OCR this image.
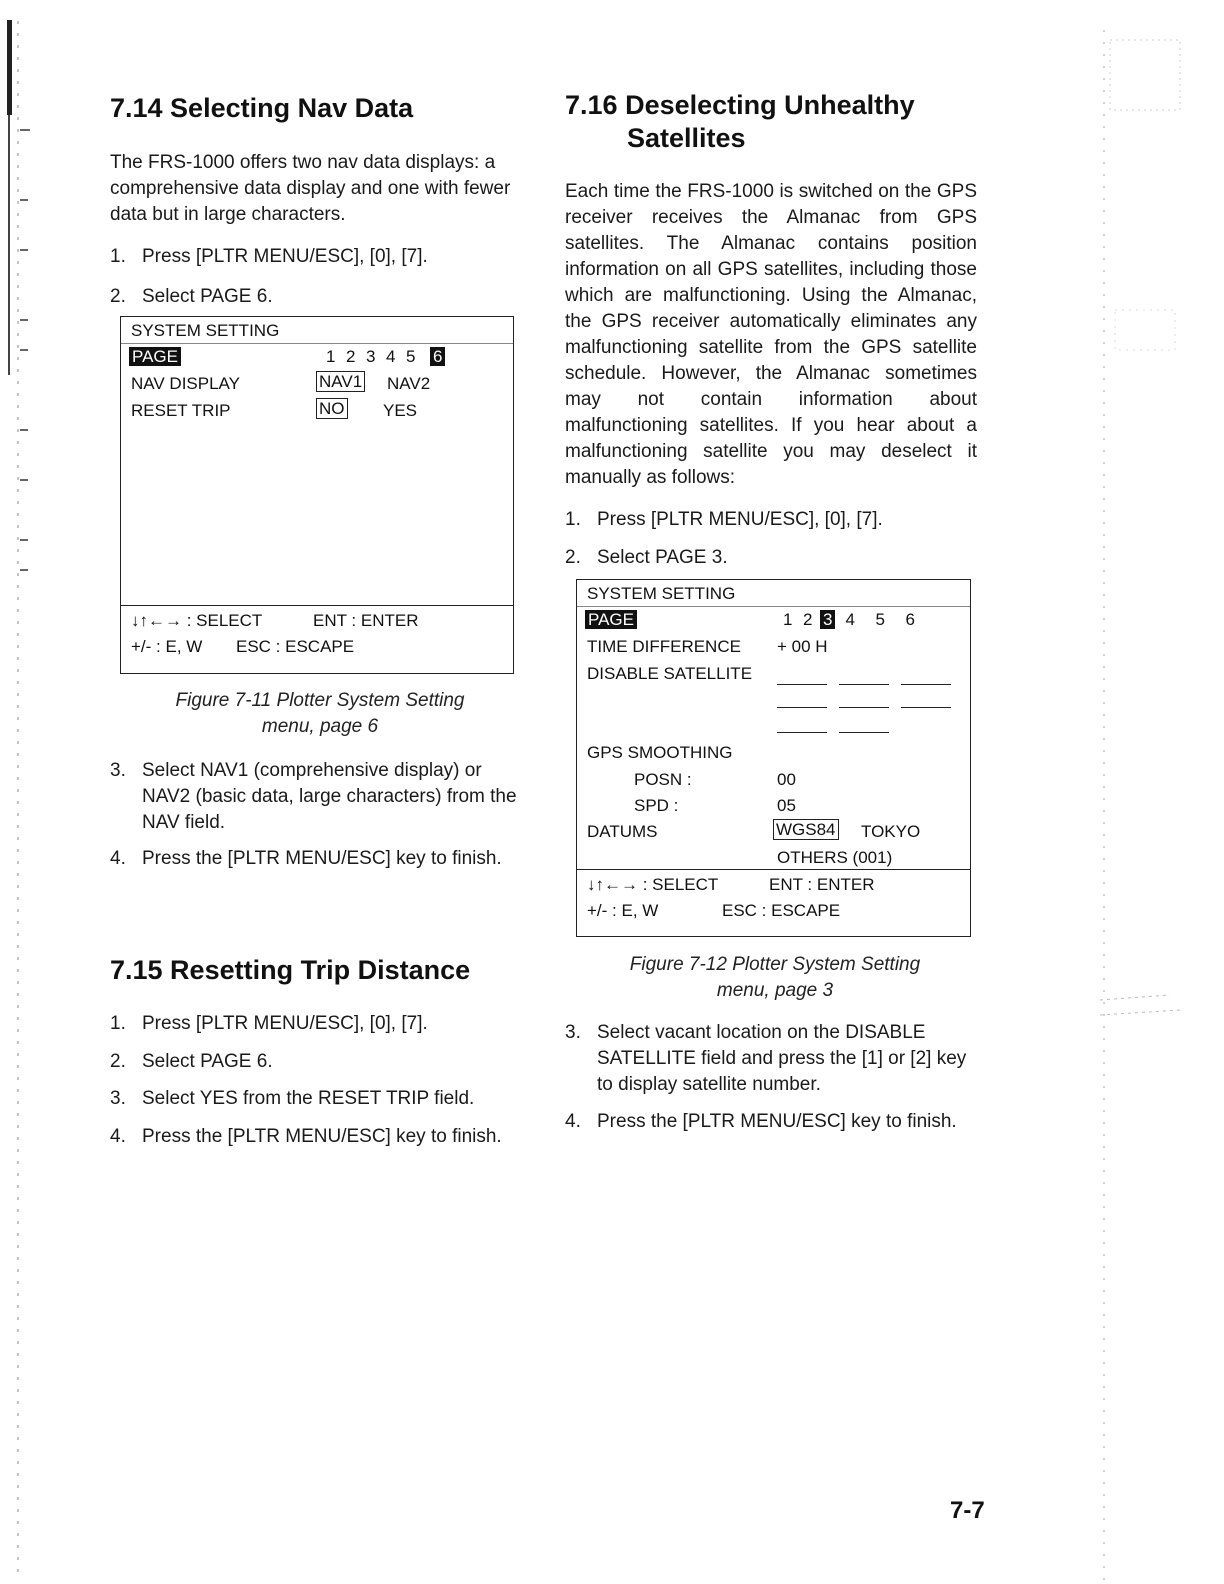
7.14 Selecting Nav Data

The FRS-1000 offers two nav data displays: a comprehensive data display and one with fewer data but in large characters.

1. Press [PLTR MENU/ESC], [0], [7].
2. Select PAGE 6.
SYSTEM SETTING
PAGE	1 2 3 4 5 6
NAV DISPLAY	NAV1 NAV2
RESET TRIP	NO YES
↓↑←→ : SELECT	ENT : ENTER
+/- : E, W ESC : ESCAPE
Figure 7-11 Plotter System Setting
menu, page 6
3. Select NAV1 (comprehensive display) or NAV2 (basic data, large characters) from the NAV field.
4. Press the [PLTR MENU/ESC] key to finish.
7.15 Resetting Trip Distance
1. Press [PLTR MENU/ESC], [0], [7].
2. Select PAGE 6.
3. Select YES from the RESET TRIP field.
4. Press the [PLTR MENU/ESC] key to finish.
7.16 Deselecting Unhealthy
Satellites

Each time the FRS-1000 is switched on the GPS receiver receives the Almanac from GPS satellites. The Almanac contains position information on all GPS satellites, including those which are malfunctioning. Using the Almanac, the GPS receiver automatically eliminates any malfunctioning satellite from the GPS satellite schedule. However, the Almanac sometimes may not contain information about malfunctioning satellites. If you hear about a malfunctioning satellite you may deselect it manually as follows:

1. Press [PLTR MENU/ESC], [0], [7].
2. Select PAGE 3.
SYSTEM SETTING
PAGE	1 2 3 4 5 6
TIME DIFFERENCE + 00 H
DISABLE SATELLITE
GPS SMOOTHING
POSN :	00
SPD :	05
DATUMS	WGS84 TOKYO
OTHERS (001)
↓↑←→ : SELECT	ENT : ENTER
+/- : E, W	ESC : ESCAPE
Figure 7-12 Plotter System Setting
menu, page 3
3. Select vacant location on the DISABLE SATELLITE field and press the [1] or [2] key to display satellite number.
4. Press the [PLTR MENU/ESC] key to finish.
7-7
